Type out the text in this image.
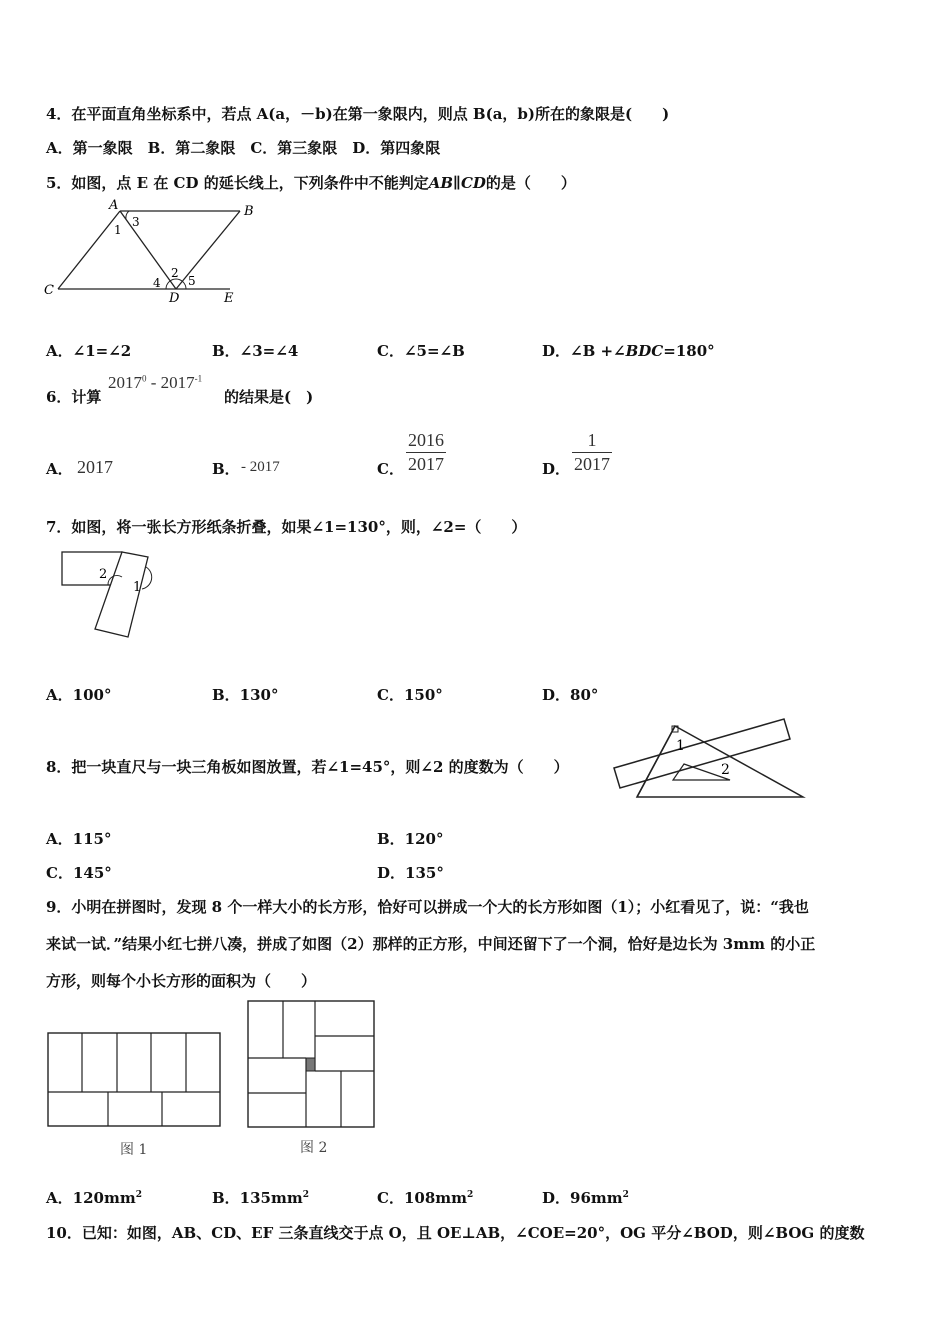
4．在平面直角坐标系中，若点 A(a，－b)在第一象限内，则点 B(a，b)所在的象限是(　　)
A．第一象限　B．第二象限　C．第三象限　D．第四象限
5．如图，点 E 在 CD 的延长线上，下列条件中不能判定AB∥CD的是（　　）
A	B
C
D	E
1
2
3
4 5
A．∠1=∠2	B．∠3=∠4	C．∠5=∠B	D．∠B +∠BDC=180°
6．计算
$2017^0 - 2017^{-1}$
的结果是(　)
A． 2017	B． - 2017	C．
2016
2017	D．
1
2017
7．如图，将一张长方形纸条折叠，如果∠1=130°，则，∠2=（　　）
2
1
A．100°	B．130°	C．150°	D．80°
8．把一块直尺与一块三角板如图放置，若∠1=45°，则∠2 的度数为（　　）
1
2
A．115°	B．120°
C．145°	D．135°
9．小明在拼图时，发现 8 个一样大小的长方形，恰好可以拼成一个大的长方形如图（1）；小红看见了，说：“我也
来试一试．”结果小红七拼八凑，拼成了如图（2）那样的正方形，中间还留下了一个洞，恰好是边长为 3mm 的小正
方形，则每个小长方形的面积为（　　）
图 1	图 2
A．$120mm^2$	B．$135mm^2$	C．$108mm^2$	D．$96mm^2$
10．已知：如图，AB、CD、EF 三条直线交于点 O，且 OE⊥AB，∠COE=20°，OG 平分∠BOD，则∠BOG 的度数
